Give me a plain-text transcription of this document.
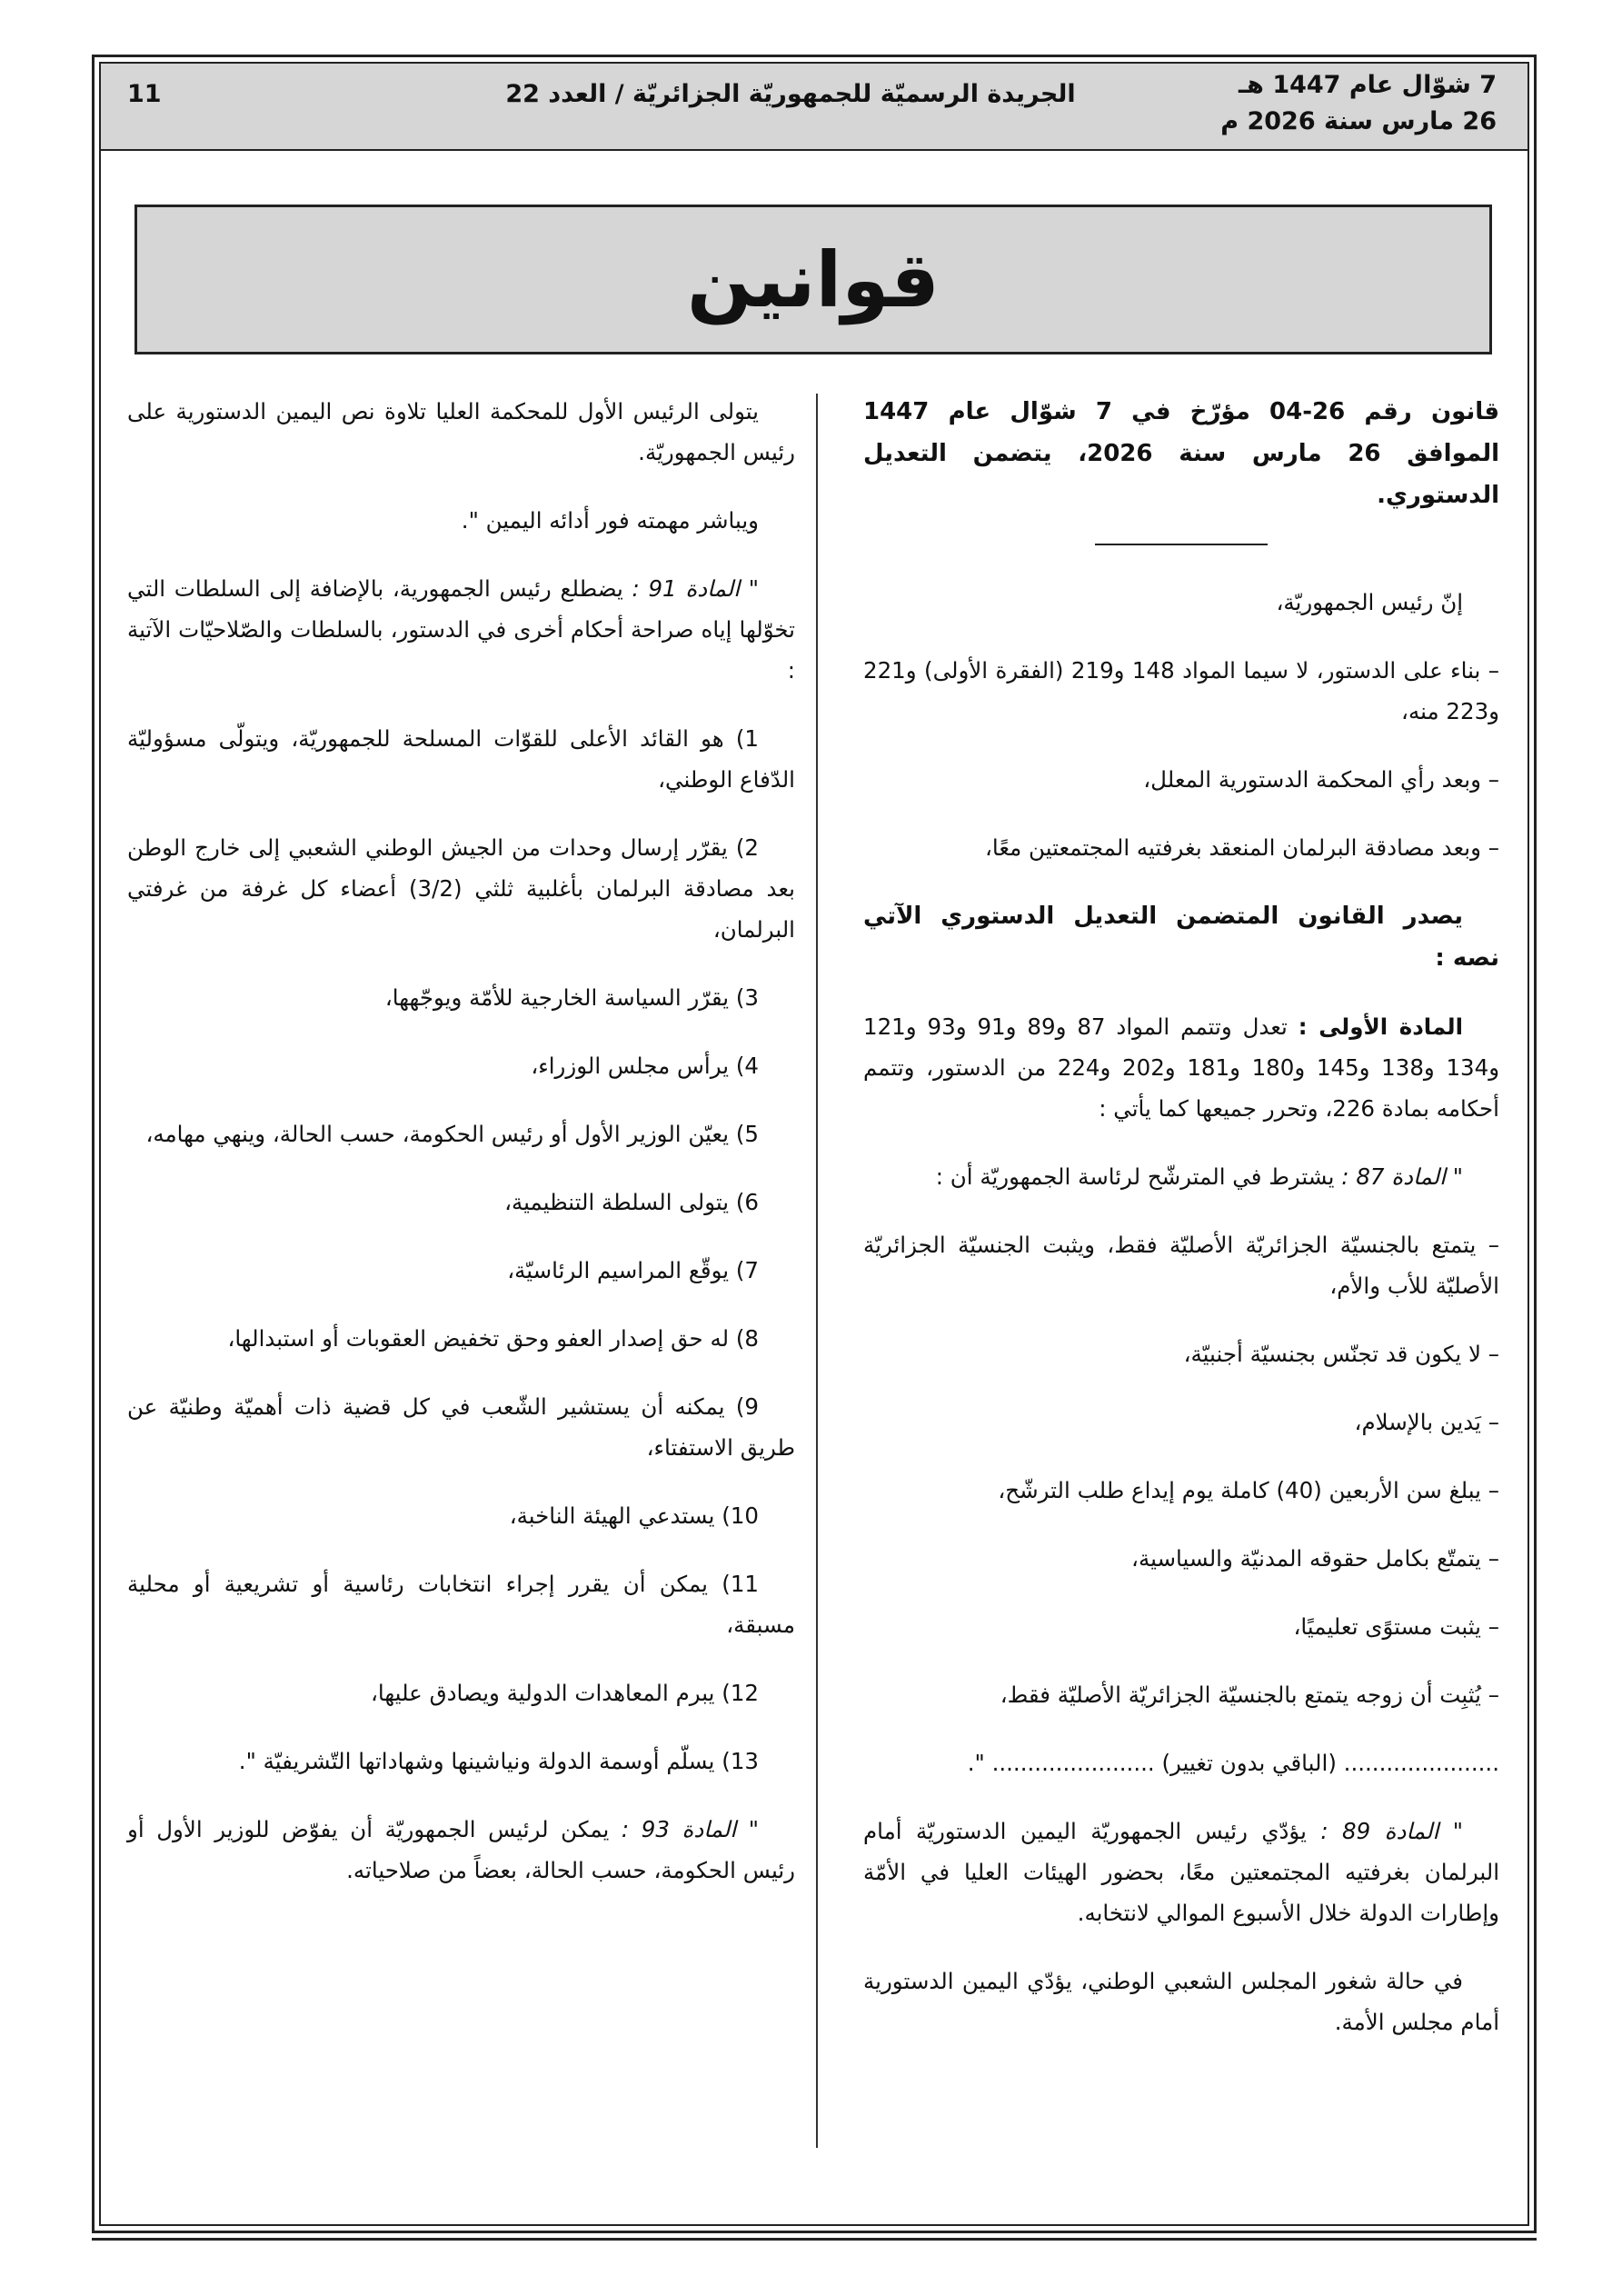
7 شوّال عام 1447 هـ
26 مارس سنة 2026 م
الجريدة الرسميّة للجمهوريّة الجزائريّة / العدد 22
11
قوانين

قانون رقم 26-04 مؤرّخ في 7 شوّال عام 1447 الموافق 26 مارس سنة 2026، يتضمن التعديل الدستوري.

إنّ رئيس الجمهوريّة،

– بناء على الدستور، لا سيما المواد 148 و219 (الفقرة الأولى) و221 و223 منه،

– وبعد رأي المحكمة الدستورية المعلل،

– وبعد مصادقة البرلمان المنعقد بغرفتيه المجتمعتين معًا،

يصدر القانون المتضمن التعديل الدستوري الآتي نصه :

المادة الأولى : تعدل وتتمم المواد 87 و89 و91 و93 و121 و134 و138 و145 و180 و181 و202 و224 من الدستور، وتتمم أحكامه بمادة 226، وتحرر جميعها كما يأتي :

" المادة 87 : يشترط في المترشّح لرئاسة الجمهوريّة أن :

– يتمتع بالجنسيّة الجزائريّة الأصليّة فقط، ويثبت الجنسيّة الجزائريّة الأصليّة للأب والأم،

– لا يكون قد تجنّس بجنسيّة أجنبيّة،

– يَدين بالإسلام،

– يبلغ سن الأربعين (40) كاملة يوم إيداع طلب الترشّح،

– يتمتّع بكامل حقوقه المدنيّة والسياسية،

– يثبت مستوًى تعليميًا،

– يُثبِت أن زوجه يتمتع بالجنسيّة الجزائريّة الأصليّة فقط،

...................... (الباقي بدون تغيير) ....................... ".

" المادة 89 : يؤدّي رئيس الجمهوريّة اليمين الدستوريّة أمام البرلمان بغرفتيه المجتمعتين معًا، بحضور الهيئات العليا في الأمّة وإطارات الدولة خلال الأسبوع الموالي لانتخابه.

في حالة شغور المجلس الشعبي الوطني، يؤدّي اليمين الدستورية أمام مجلس الأمة.

يتولى الرئيس الأول للمحكمة العليا تلاوة نص اليمين الدستورية على رئيس الجمهوريّة.

ويباشر مهمته فور أدائه اليمين ".

" المادة 91 : يضطلع رئيس الجمهورية، بالإضافة إلى السلطات التي تخوّلها إياه صراحة أحكام أخرى في الدستور، بالسلطات والصّلاحيّات الآتية :

1) هو القائد الأعلى للقوّات المسلحة للجمهوريّة، ويتولّى مسؤوليّة الدّفاع الوطني،

2) يقرّر إرسال وحدات من الجيش الوطني الشعبي إلى خارج الوطن بعد مصادقة البرلمان بأغلبية ثلثي (3/2) أعضاء كل غرفة من غرفتي البرلمان،

3) يقرّر السياسة الخارجية للأمّة ويوجّهها،

4) يرأس مجلس الوزراء،

5) يعيّن الوزير الأول أو رئيس الحكومة، حسب الحالة، وينهي مهامه،

6) يتولى السلطة التنظيمية،

7) يوقّع المراسيم الرئاسيّة،

8) له حق إصدار العفو وحق تخفيض العقوبات أو استبدالها،

9) يمكنه أن يستشير الشّعب في كل قضية ذات أهميّة وطنيّة عن طريق الاستفتاء،

10) يستدعي الهيئة الناخبة،

11) يمكن أن يقرر إجراء انتخابات رئاسية أو تشريعية أو محلية مسبقة،

12) يبرم المعاهدات الدولية ويصادق عليها،

13) يسلّم أوسمة الدولة ونياشينها وشهاداتها التّشريفيّة ".

" المادة 93 : يمكن لرئيس الجمهوريّة أن يفوّض للوزير الأول أو رئيس الحكومة، حسب الحالة، بعضاً من صلاحياته.
